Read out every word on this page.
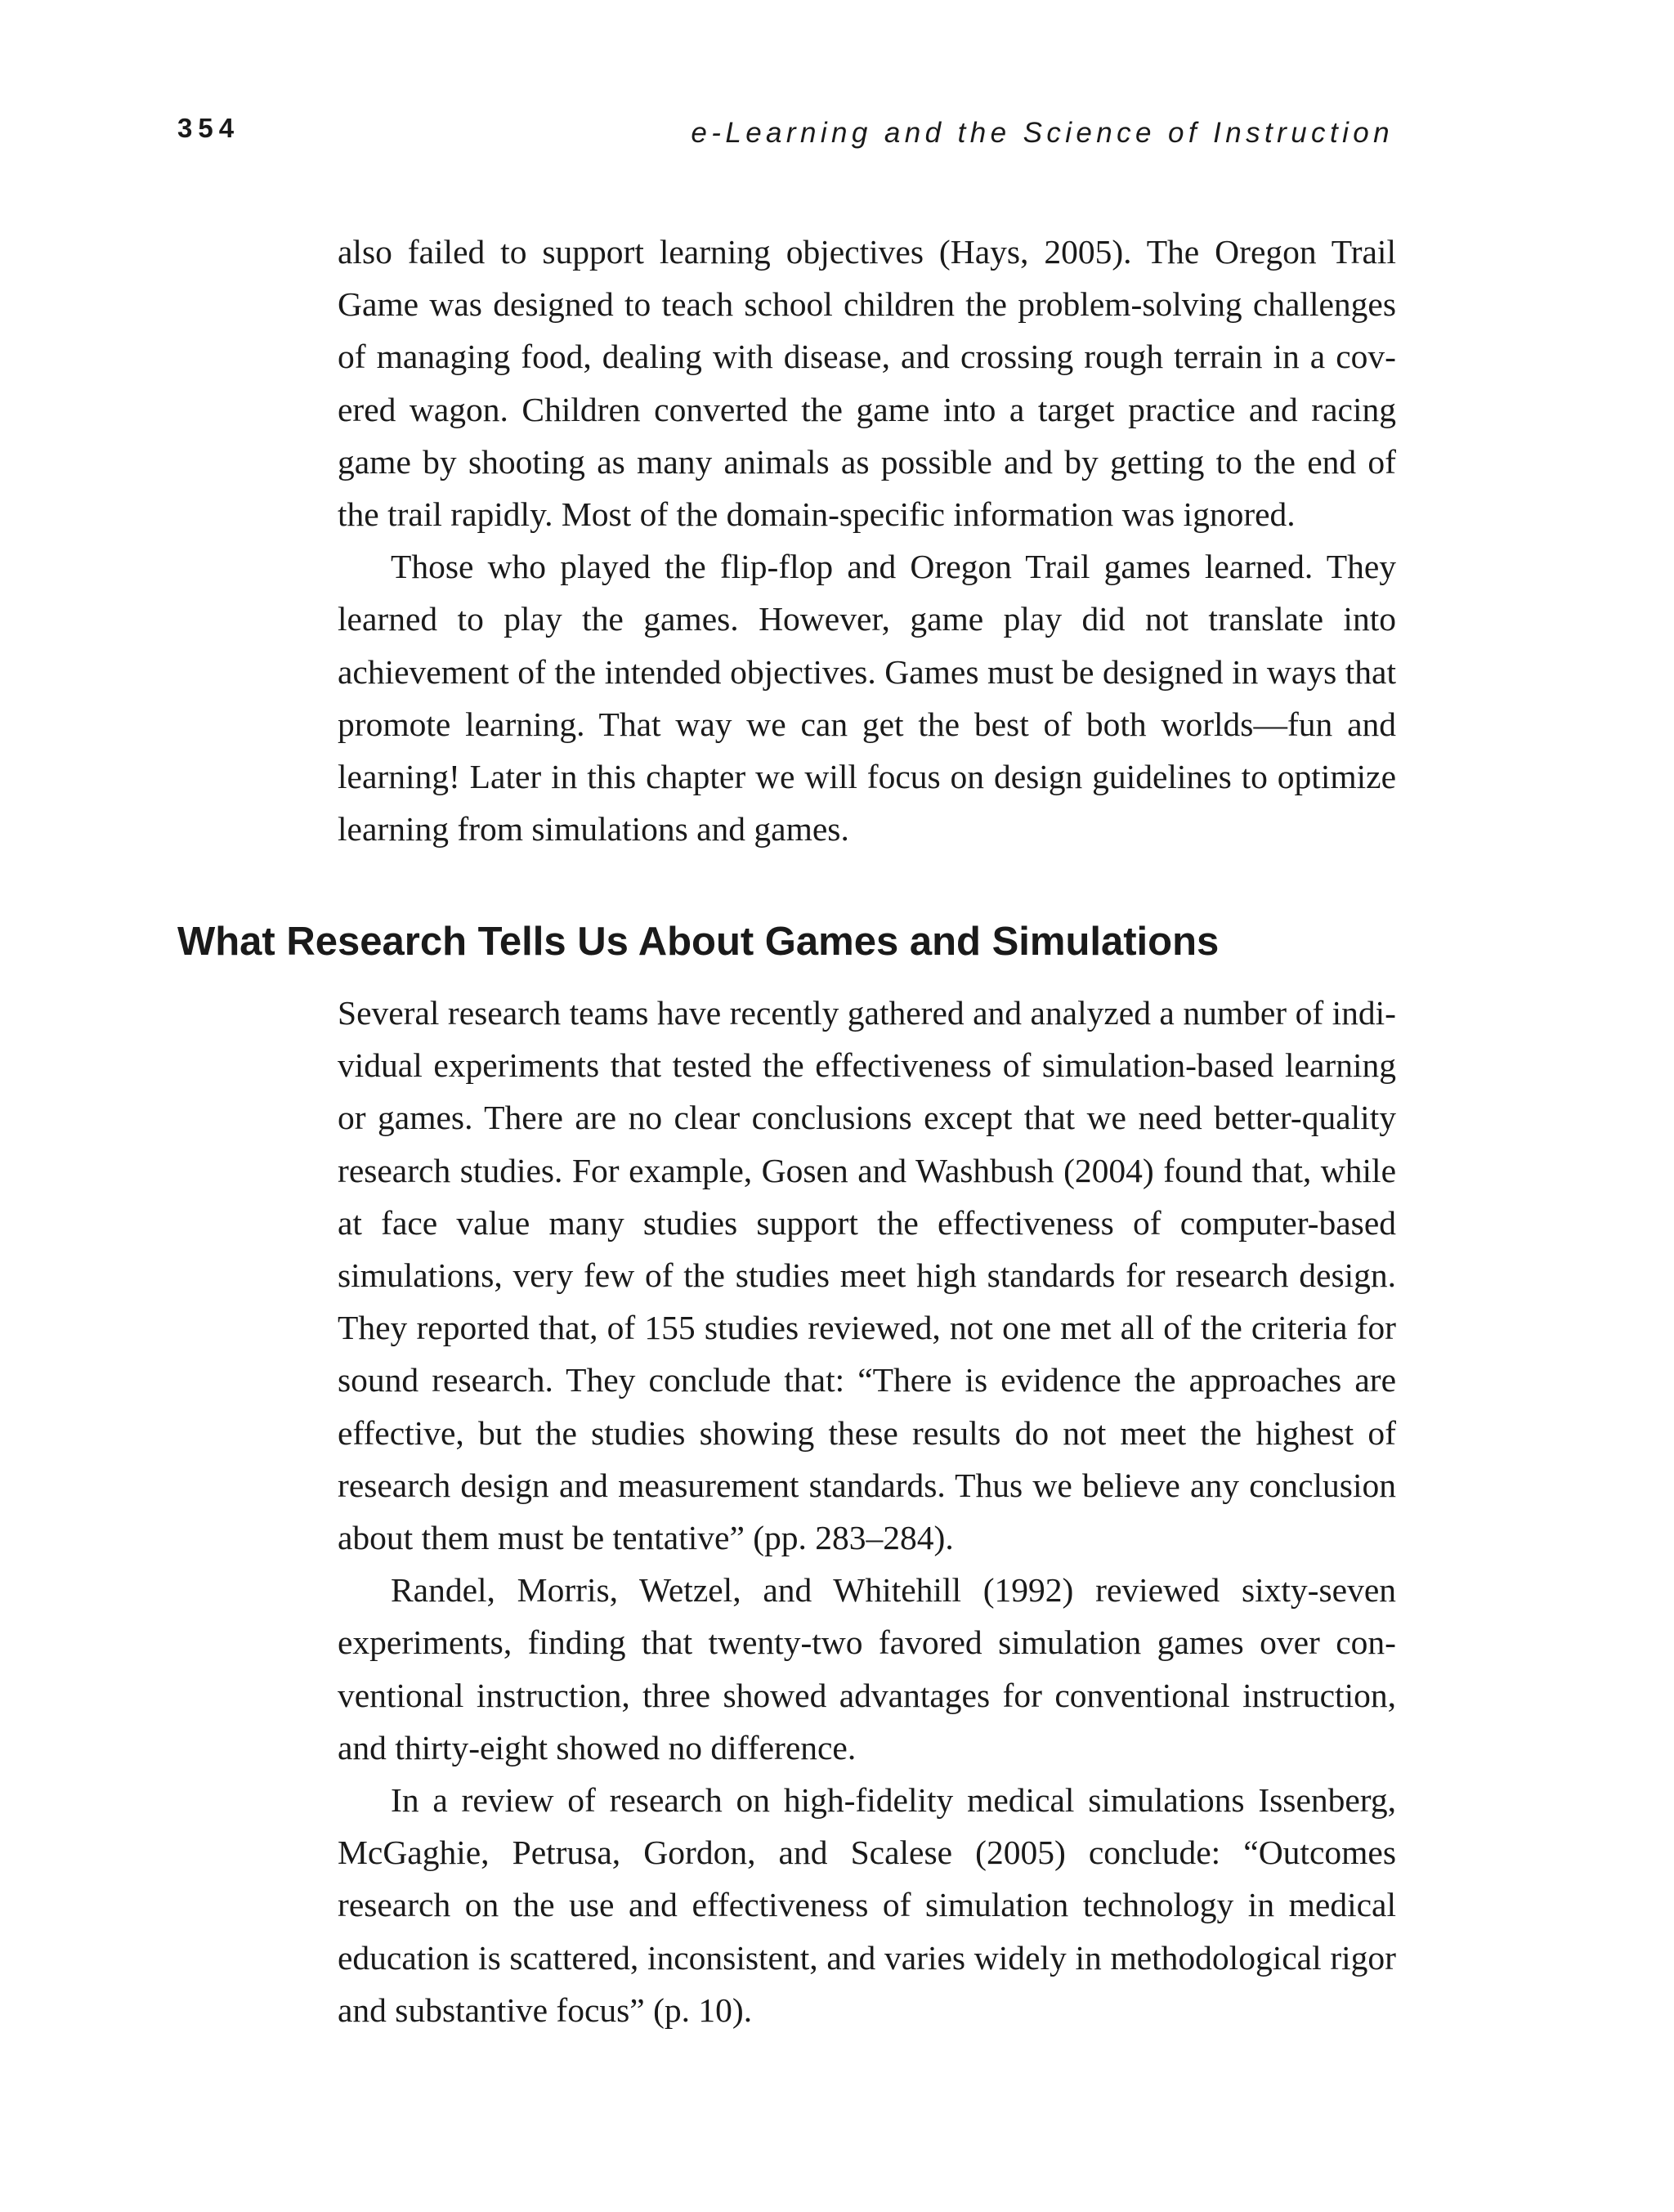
354	e-Learning and the Science of Instruction

also failed to support learning objectives (Hays, 2005). The Oregon Trail Game was designed to teach school children the problem-solving challenges of managing food, dealing with disease, and crossing rough terrain in a covered wagon. Children converted the game into a target practice and racing game by shooting as many animals as possible and by getting to the end of the trail rapidly. Most of the domain-specific information was ignored.

Those who played the flip-flop and Oregon Trail games learned. They learned to play the games. However, game play did not translate into achievement of the intended objectives. Games must be designed in ways that promote learning. That way we can get the best of both worlds—fun and learning! Later in this chapter we will focus on design guidelines to optimize learning from simulations and games.

What Research Tells Us About Games and Simulations

Several research teams have recently gathered and analyzed a number of individual experiments that tested the effectiveness of simulation-based learning or games. There are no clear conclusions except that we need better-quality research studies. For example, Gosen and Washbush (2004) found that, while at face value many studies support the effectiveness of computer-based simulations, very few of the studies meet high standards for research design. They reported that, of 155 studies reviewed, not one met all of the criteria for sound research. They conclude that: “There is evidence the approaches are effective, but the studies showing these results do not meet the highest of research design and measurement standards. Thus we believe any conclusion about them must be tentative” (pp. 283–284).

Randel, Morris, Wetzel, and Whitehill (1992) reviewed sixty-seven experiments, finding that twenty-two favored simulation games over conventional instruction, three showed advantages for conventional instruction, and thirty-eight showed no difference.

In a review of research on high-fidelity medical simulations Issenberg, McGaghie, Petrusa, Gordon, and Scalese (2005) conclude: “Outcomes research on the use and effectiveness of simulation technology in medical education is scattered, inconsistent, and varies widely in methodological rigor and substantive focus” (p. 10).
